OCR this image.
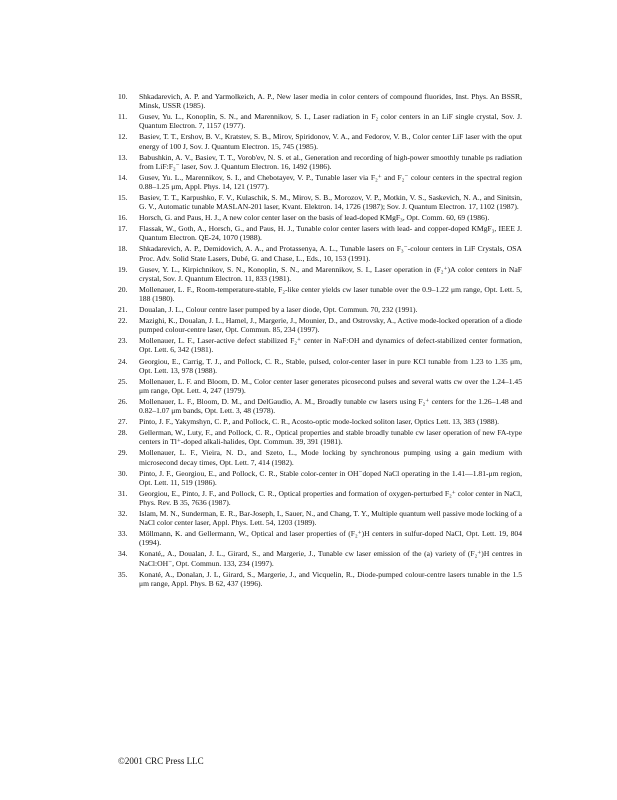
10. Shkadarevich, A. P. and Yarmolkeich, A. P., New laser media in color centers of compound fluorides, Inst. Phys. An BSSR, Minsk, USSR (1985).
11. Gusev, Yu. L., Konoplin, S. N., and Marennikov, S. I., Laser radiation in F₂ color centers in an LiF single crystal, Sov. J. Quantum Electron. 7, 1157 (1977).
12. Basiev, T. T., Ershov, B. V., Kratstev, S. B., Mirov, Spiridonov, V. A., and Fedorov, V. B., Color center LiF laser with the oput energy of 100 J, Sov. J. Quantum Electron. 15, 745 (1985).
13. Babushkin, A. V., Basiev, T. T., Vorob'ev, N. S. et al., Generation and recording of high-power smoothly tunable ps radiation from LiF:F₂⁻ laser, Sov. J. Quantum Electron. 16, 1492 (1986).
14. Gusev, Yu. L., Marennikov, S. I., and Chebotayev, V. P., Tunable laser via F₂⁺ and F₂⁻ colour centers in the spectral region 0.88–1.25 μm, Appl. Phys. 14, 121 (1977).
15. Basiev, T. T., Karpushko, F. V., Kulaschik, S. M., Mirov, S. B., Morozov, V. P., Motkin, V. S., Saskevich, N. A., and Sinitsin, G. V., Automatic tunable MASLAN-201 laser, Kvant. Elektron. 14, 1726 (1987); Sov. J. Quantum Electron. 17, 1102 (1987).
16. Horsch, G. and Paus, H. J., A new color center laser on the basis of lead-doped KMgF₃, Opt. Comm. 60, 69 (1986).
17. Flassak, W., Goth, A., Horsch, G., and Paus, H. J., Tunable color center lasers with lead- and copper-doped KMgF₃, IEEE J. Quantum Electron. QE-24, 1070 (1988).
18. Shkadarevich, A. P., Demidovich, A. A., and Protassenya, A. L., Tunable lasers on F₃⁻-colour centers in LiF Crystals, OSA Proc. Adv. Solid State Lasers, Dubé, G. and Chase, L., Eds., 10, 153 (1991).
19. Gusev, Y. L., Kirpichnikov, S. N., Konoplin, S. N., and Marennikov, S. I., Laser operation in (F₂⁺)A color centers in NaF crystal, Sov. J. Quantum Electron. 11, 833 (1981).
20. Mollenauer, L. F., Room-temperature-stable, F₂-like center yields cw laser tunable over the 0.9–1.22 μm range, Opt. Lett. 5, 188 (1980).
21. Doualan, J. L., Colour centre laser pumped by a laser diode, Opt. Commun. 70, 232 (1991).
22. Mazighi, K., Doualan, J. L., Hamel, J., Margerie, J., Mounier, D., and Ostrovsky, A., Active mode-locked operation of a diode pumped colour-centre laser, Opt. Commun. 85, 234 (1997).
23. Mollenauer, L. F., Laser-active defect stabilized F₂⁺ center in NaF:OH and dynamics of defect-stabilized center formation, Opt. Lett. 6, 342 (1981).
24. Georgiou, E., Carrig, T. J., and Pollock, C. R., Stable, pulsed, color-center laser in pure KCl tunable from 1.23 to 1.35 μm, Opt. Lett. 13, 978 (1988).
25. Mollenauer, L. F. and Bloom, D. M., Color center laser generates picosecond pulses and several watts cw over the 1.24–1.45 μm range, Opt. Lett. 4, 247 (1979).
26. Mollenauer, L. F., Bloom, D. M., and DelGaudio, A. M., Broadly tunable cw lasers using F₂⁺ centers for the 1.26–1.48 and 0.82–1.07 μm bands, Opt. Lett. 3, 48 (1978).
27. Pinto, J. F., Yakymshyn, C. P., and Pollock, C. R., Acosto-optic mode-locked soliton laser, Optics Lett. 13, 383 (1988).
28. Gellerman, W., Luty, F., and Pollock, C. R., Optical properties and stable broadly tunable cw laser operation of new FA-type centers in Tl⁺-doped alkali-halides, Opt. Commun. 39, 391 (1981).
29. Mollenauer, L. F., Vieira, N. D., and Szeto, L., Mode locking by synchronous pumping using a gain medium with microsecond decay times, Opt. Lett. 7, 414 (1982).
30. Pinto, J. F., Georgiou, E., and Pollock, C. R., Stable color-center in OH⁻doped NaCl operating in the 1.41—1.81-μm region, Opt. Lett. 11, 519 (1986).
31. Georgiou, E., Pinto, J. F., and Pollock, C. R., Optical properties and formation of oxygen-perturbed F₂⁺ color center in NaCl, Phys. Rev. B 35, 7636 (1987).
32. Islam, M. N., Sunderman, E. R., Bar-Joseph, I., Sauer, N., and Chang, T. Y., Multiple quantum well passive mode locking of a NaCl color center laser, Appl. Phys. Lett. 54, 1203 (1989).
33. Möllmann, K. and Gellermann, W., Optical and laser properties of (F₂⁺)H centers in sulfur-doped NaCl, Opt. Lett. 19, 804 (1994).
34. Konaté,, A., Doualan, J. L., Girard, S., and Margerie, J., Tunable cw laser emission of the (a) variety of (F₂⁺)H centres in NaCl:OH⁻, Opt. Commun. 133, 234 (1997).
35. Konaté, A., Donalan, J. L, Girard, S., Margerie, J., and Vicquelin, R., Diode-pumped colour-centre lasers tunable in the 1.5 μm range, Appl. Phys. B 62, 437 (1996).
©2001 CRC Press LLC
